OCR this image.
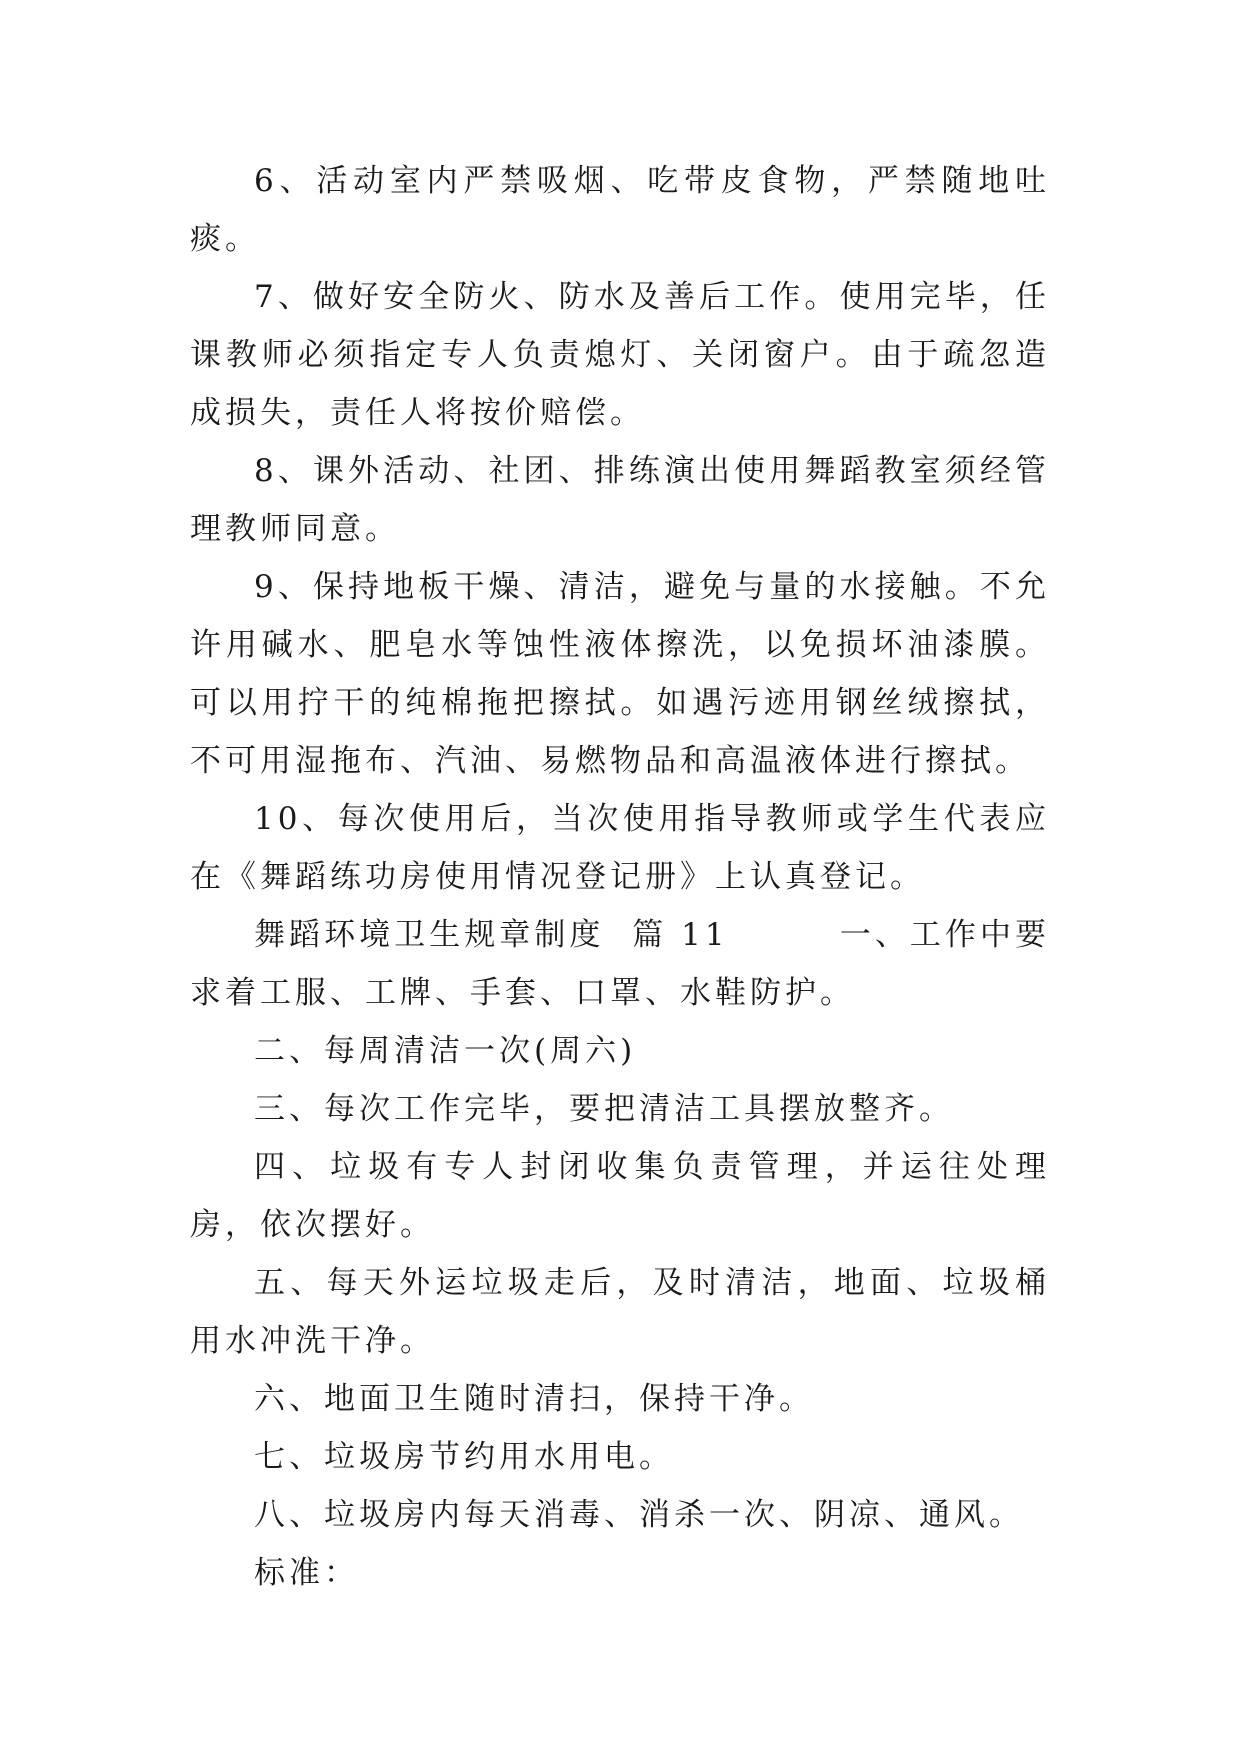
6、活动室内严禁吸烟、吃带皮食物，严禁随地吐痰。

7、做好安全防火、防水及善后工作。使用完毕，任课教师必须指定专人负责熄灯、关闭窗户。由于疏忽造成损失，责任人将按价赔偿。

8、课外活动、社团、排练演出使用舞蹈教室须经管理教师同意。

9、保持地板干燥、清洁，避免与量的水接触。不允许用碱水、肥皂水等蚀性液体擦洗，以免损坏油漆膜。可以用拧干的纯棉拖把擦拭。如遇污迹用钢丝绒擦拭，不可用湿拖布、汽油、易燃物品和高温液体进行擦拭。

10、每次使用后，当次使用指导教师或学生代表应在《舞蹈练功房使用情况登记册》上认真登记。

舞蹈环境卫生规章制度  篇 11        一、工作中要求着工服、工牌、手套、口罩、水鞋防护。

二、每周清洁一次(周六)

三、每次工作完毕，要把清洁工具摆放整齐。

四、垃圾有专人封闭收集负责管理，并运往处理房，依次摆好。

五、每天外运垃圾走后，及时清洁，地面、垃圾桶用水冲洗干净。

六、地面卫生随时清扫，保持干净。

七、垃圾房节约用水用电。

八、垃圾房内每天消毒、消杀一次、阴凉、通风。

标准：
